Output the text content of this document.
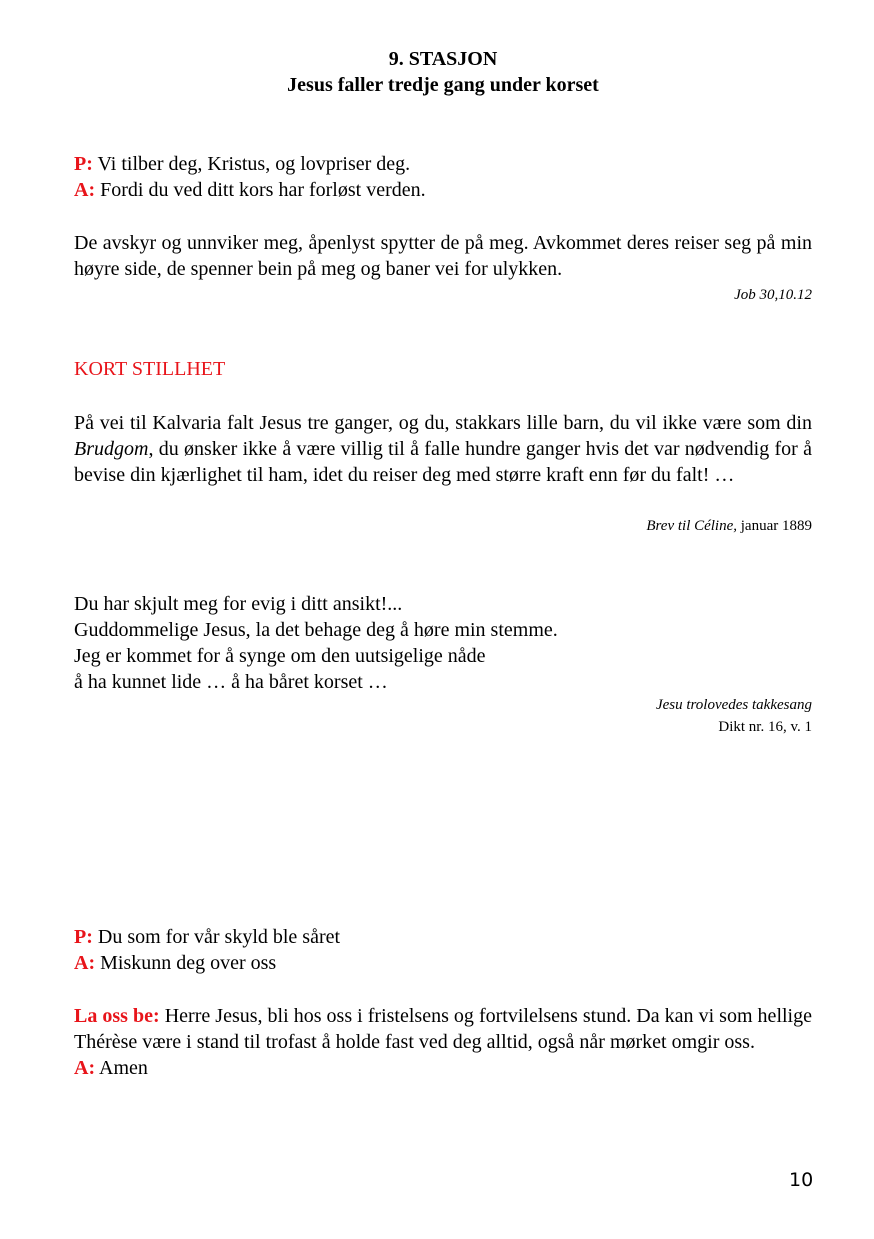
9. STASJON
Jesus faller tredje gang under korset
P: Vi tilber deg, Kristus, og lovpriser deg.
A: Fordi du ved ditt kors har forløst verden.
De avskyr og unnviker meg, åpenlyst spytter de på meg. Avkommet deres reiser seg på min høyre side, de spenner bein på meg og baner vei for ulykken.
Job 30,10.12
KORT STILLHET
På vei til Kalvaria falt Jesus tre ganger, og du, stakkars lille barn, du vil ikke være som din Brudgom, du ønsker ikke å være villig til å falle hundre ganger hvis det var nødvendig for å bevise din kjærlighet til ham, idet du reiser deg med større kraft enn før du falt! …
Brev til Céline, januar 1889
Du har skjult meg for evig i ditt ansikt!...
Guddommelige Jesus, la det behage deg å høre min stemme.
Jeg er kommet for å synge om den uutsigelige nåde
å ha kunnet lide … å ha båret korset …
Jesu trolovedes takkesang
Dikt nr. 16, v. 1
P: Du som for vår skyld ble såret
A: Miskunn deg over oss
La oss be: Herre Jesus, bli hos oss i fristelsens og fortvilelsens stund. Da kan vi som hellige Thérèse være i stand til trofast å holde fast ved deg alltid, også når mørket omgir oss.
A: Amen
10
